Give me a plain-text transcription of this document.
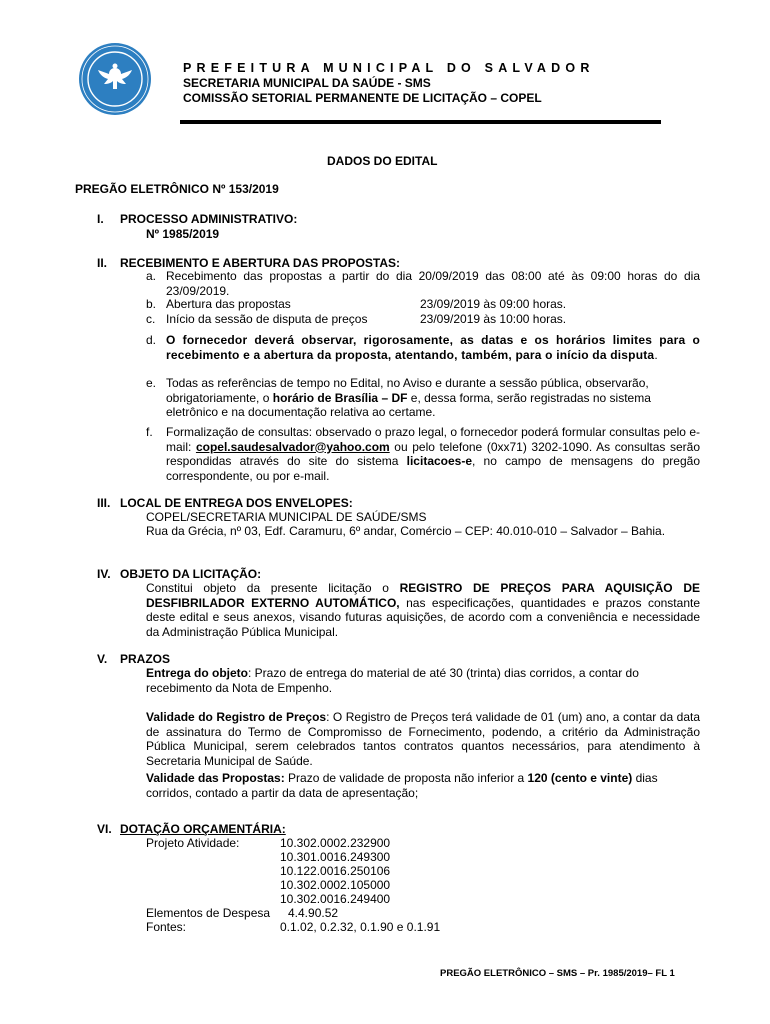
PREFEITURA MUNICIPAL DO SALVADOR
SECRETARIA MUNICIPAL DA SAÚDE - SMS
COMISSÃO SETORIAL PERMANENTE DE LICITAÇÃO – COPEL
DADOS DO EDITAL
PREGÃO ELETRÔNICO Nº 153/2019
I. PROCESSO ADMINISTRATIVO:
Nº 1985/2019
II. RECEBIMENTO E ABERTURA DAS PROPOSTAS:
a. Recebimento das propostas a partir do dia 20/09/2019 das 08:00 até às 09:00 horas do dia 23/09/2019.
b. Abertura das propostas	23/09/2019 às 09:00 horas.
c. Início da sessão de disputa de preços	23/09/2019 às 10:00 horas.
d. O fornecedor deverá observar, rigorosamente, as datas e os horários limites para o recebimento e a abertura da proposta, atentando, também, para o início da disputa.
e. Todas as referências de tempo no Edital, no Aviso e durante a sessão pública, observarão, obrigatoriamente, o horário de Brasília – DF e, dessa forma, serão registradas no sistema eletrônico e na documentação relativa ao certame.
f. Formalização de consultas: observado o prazo legal, o fornecedor poderá formular consultas pelo e-mail: copel.saudesalvador@yahoo.com ou pelo telefone (0xx71) 3202-1090. As consultas serão respondidas através do site do sistema licitacoes-e, no campo de mensagens do pregão correspondente, ou por e-mail.
III. LOCAL DE ENTREGA DOS ENVELOPES:
COPEL/SECRETARIA MUNICIPAL DE SAÚDE/SMS
Rua da Grécia, nº 03, Edf. Caramuru, 6º andar, Comércio – CEP: 40.010-010 – Salvador – Bahia.
IV. OBJETO DA LICITAÇÃO:
Constitui objeto da presente licitação o REGISTRO DE PREÇOS PARA AQUISIÇÃO DE DESFIBRILADOR EXTERNO AUTOMÁTICO, nas especificações, quantidades e prazos constante deste edital e seus anexos, visando futuras aquisições, de acordo com a conveniência e necessidade da Administração Pública Municipal.
V. PRAZOS
Entrega do objeto: Prazo de entrega do material de até 30 (trinta) dias corridos, a contar do recebimento da Nota de Empenho.
Validade do Registro de Preços: O Registro de Preços terá validade de 01 (um) ano, a contar da data de assinatura do Termo de Compromisso de Fornecimento, podendo, a critério da Administração Pública Municipal, serem celebrados tantos contratos quantos necessários, para atendimento à Secretaria Municipal de Saúde.
Validade das Propostas: Prazo de validade de proposta não inferior a 120 (cento e vinte) dias corridos, contado a partir da data de apresentação;
VI. DOTAÇÃO ORÇAMENTÁRIA:
Projeto Atividade:	10.302.0002.232900
10.301.0016.249300
10.122.0016.250106
10.302.0002.105000
10.302.0016.249400
Elementos de Despesa 4.4.90.52
Fontes:	0.1.02, 0.2.32, 0.1.90 e 0.1.91
PREGÃO ELETRÔNICO – SMS – Pr. 1985/2019– FL 1
